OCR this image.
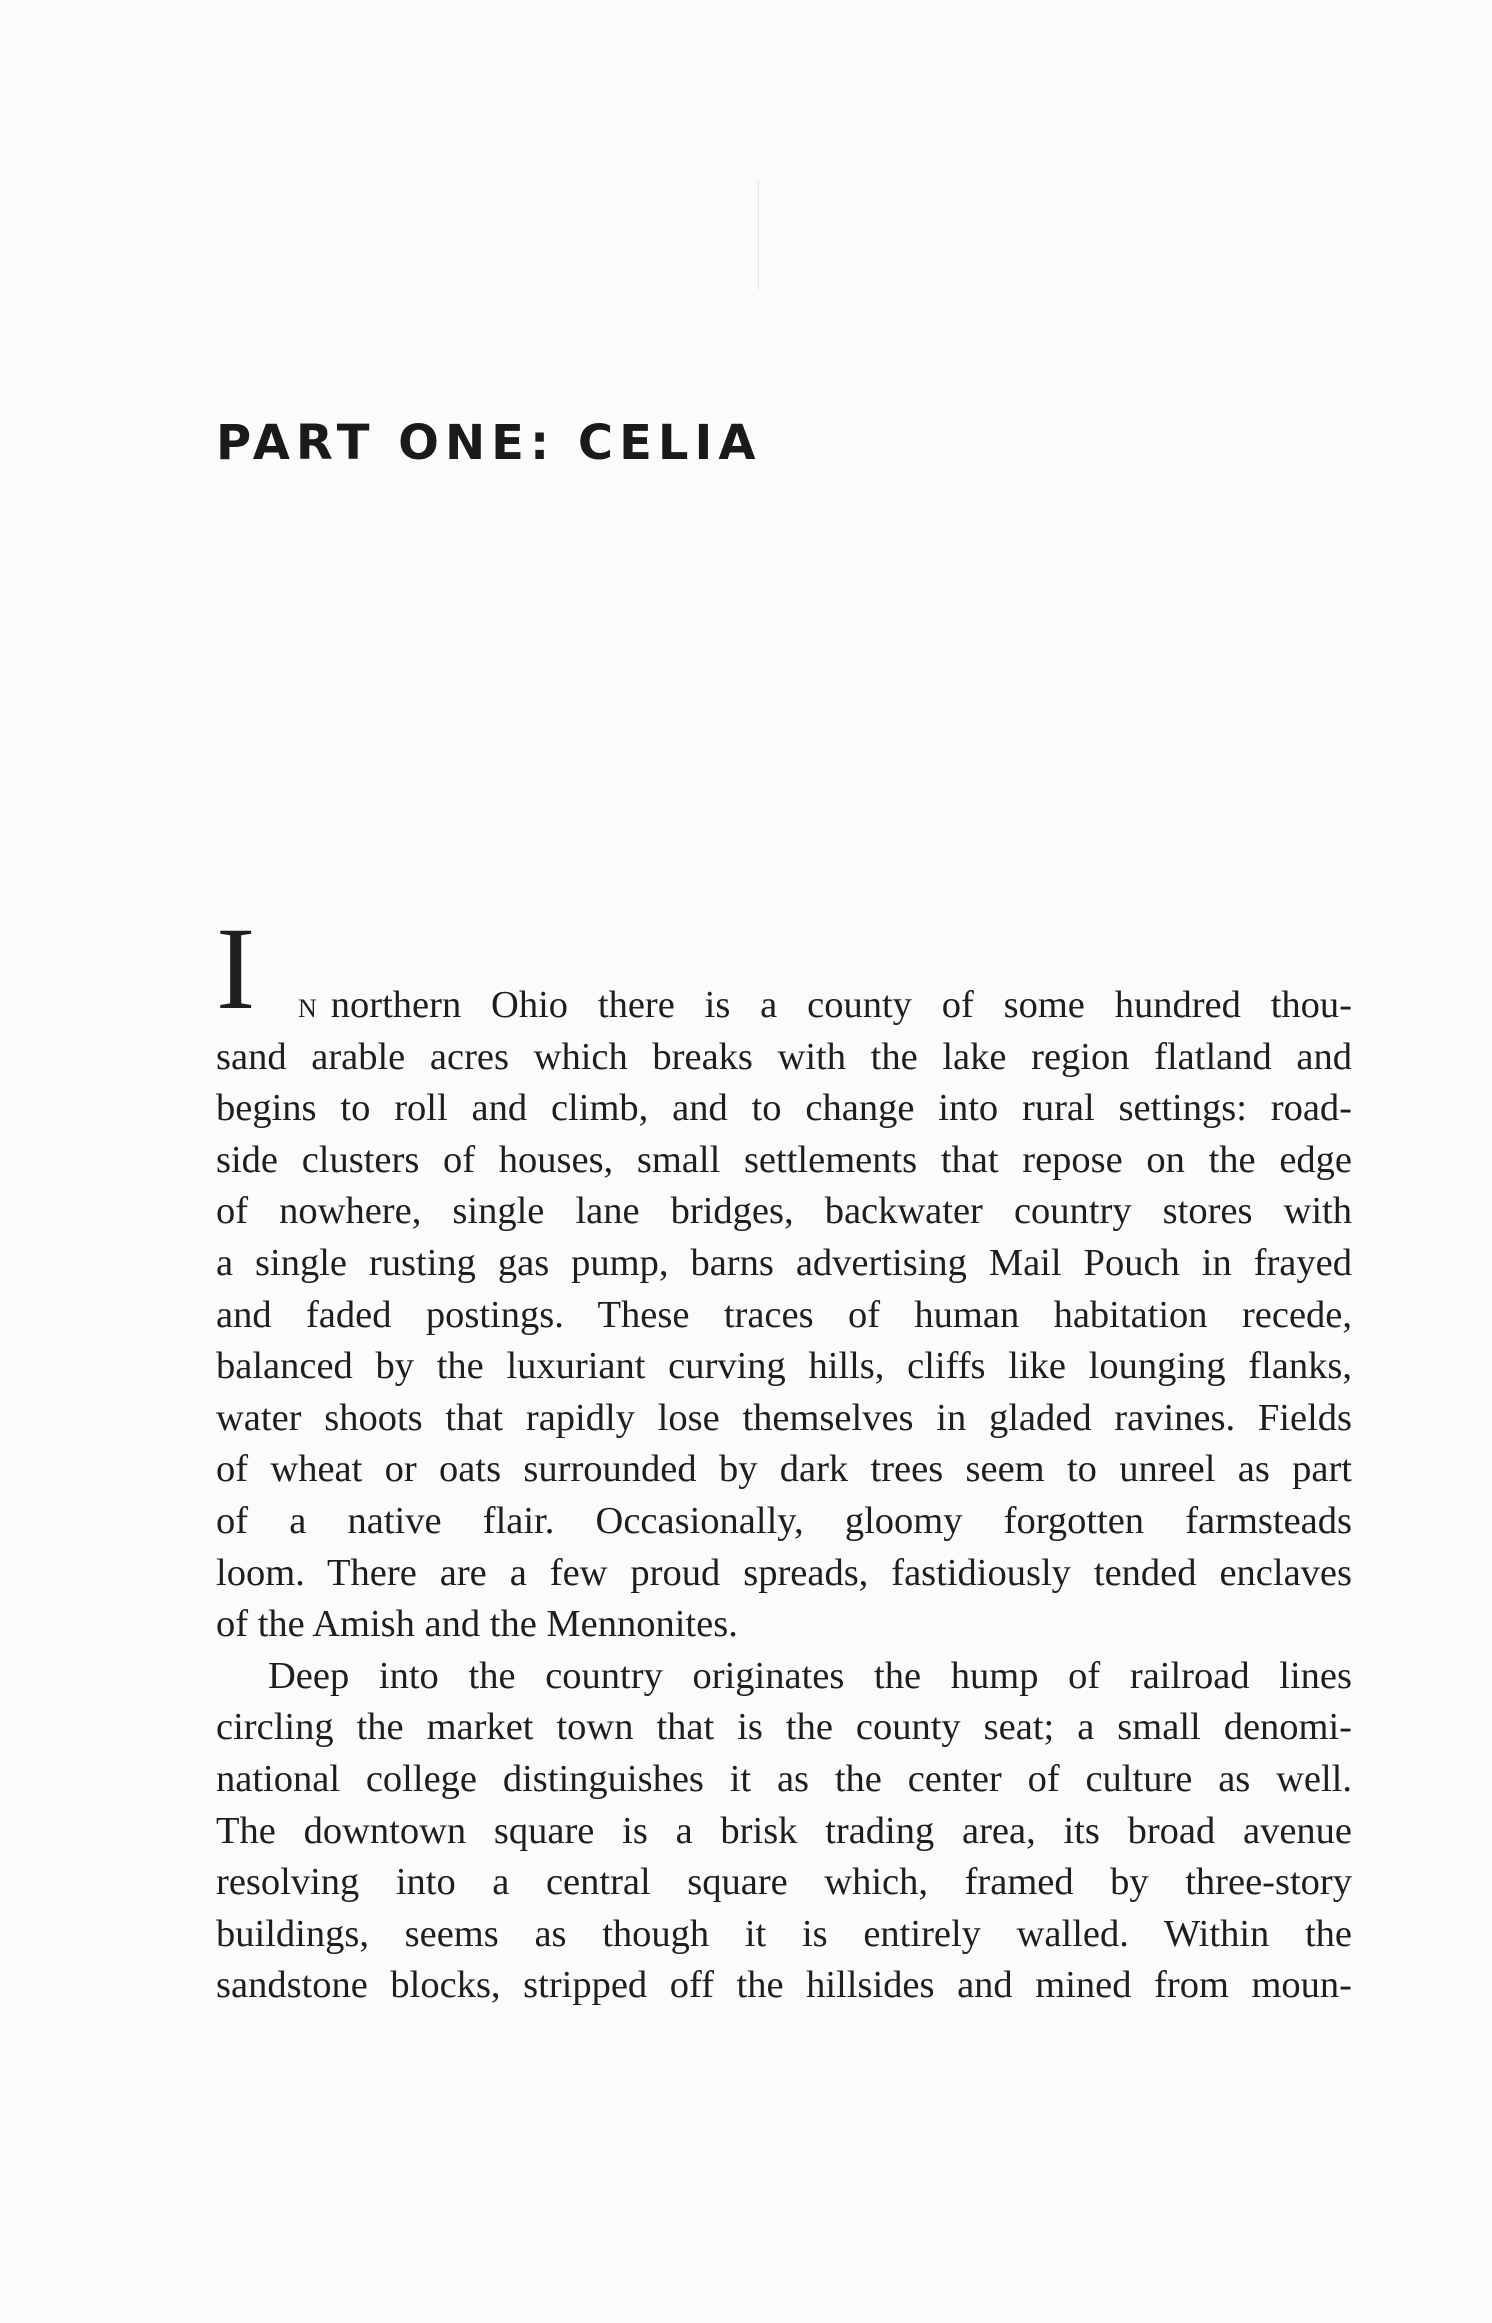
PART ONE: CELIA
I N northern Ohio there is a county of some hundred thou-
sand arable acres which breaks with the lake region flatland and
begins to roll and climb, and to change into rural settings: road-
side clusters of houses, small settlements that repose on the edge
of nowhere, single lane bridges, backwater country stores with
a single rusting gas pump, barns advertising Mail Pouch in frayed
and faded postings. These traces of human habitation recede,
balanced by the luxuriant curving hills, cliffs like lounging flanks,
water shoots that rapidly lose themselves in gladed ravines. Fields
of wheat or oats surrounded by dark trees seem to unreel as part
of a native flair. Occasionally, gloomy forgotten farmsteads
loom. There are a few proud spreads, fastidiously tended enclaves
of the Amish and the Mennonites.
Deep into the country originates the hump of railroad lines
circling the market town that is the county seat; a small denomi-
national college distinguishes it as the center of culture as well.
The downtown square is a brisk trading area, its broad avenue
resolving into a central square which, framed by three-story
buildings, seems as though it is entirely walled. Within the
sandstone blocks, stripped off the hillsides and mined from moun-
